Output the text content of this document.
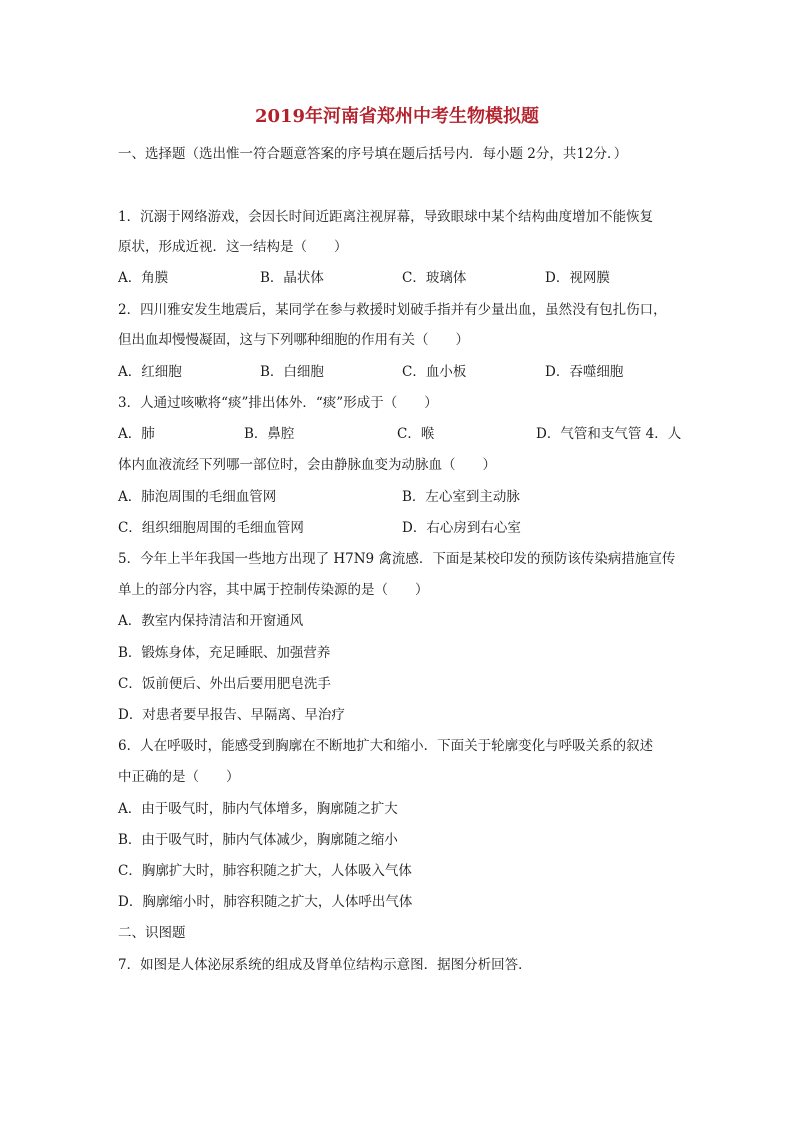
2019年河南省郑州中考生物模拟题
一、选择题（选出惟一符合题意答案的序号填在题后括号内．每小题 2分，共12分．）
1．沉溺于网络游戏，会因长时间近距离注视屏幕，导致眼球中某个结构曲度增加不能恢复
原状，形成近视．这一结构是（　　）
A．角膜	B．晶状体	C．玻璃体	D．视网膜
2．四川雅安发生地震后，某同学在参与救援时划破手指并有少量出血，虽然没有包扎伤口，
但出血却慢慢凝固，这与下列哪种细胞的作用有关（　　）
A．红细胞	B．白细胞	C．血小板	D．吞噬细胞
3．人通过咳嗽将“痰”排出体外．“痰”形成于（　　）
A．肺	B．鼻腔	C．喉	D．气管和支气管 4．人
体内血液流经下列哪一部位时，会由静脉血变为动脉血（　　）
A．肺泡周围的毛细血管网	B．左心室到主动脉
C．组织细胞周围的毛细血管网	D．右心房到右心室
5．今年上半年我国一些地方出现了 H7N9 禽流感．下面是某校印发的预防该传染病措施宣传
单上的部分内容，其中属于控制传染源的是（　　）
A．教室内保持清洁和开窗通风
B．锻炼身体，充足睡眠、加强营养
C．饭前便后、外出后要用肥皂洗手
D．对患者要早报告、早隔离、早治疗
6．人在呼吸时，能感受到胸廓在不断地扩大和缩小．下面关于轮廓变化与呼吸关系的叙述
中正确的是（　　）
A．由于吸气时，肺内气体增多，胸廓随之扩大
B．由于吸气时，肺内气体减少，胸廓随之缩小
C．胸廓扩大时，肺容积随之扩大，人体吸入气体
D．胸廓缩小时，肺容积随之扩大，人体呼出气体
二、识图题
7．如图是人体泌尿系统的组成及肾单位结构示意图．据图分析回答．
